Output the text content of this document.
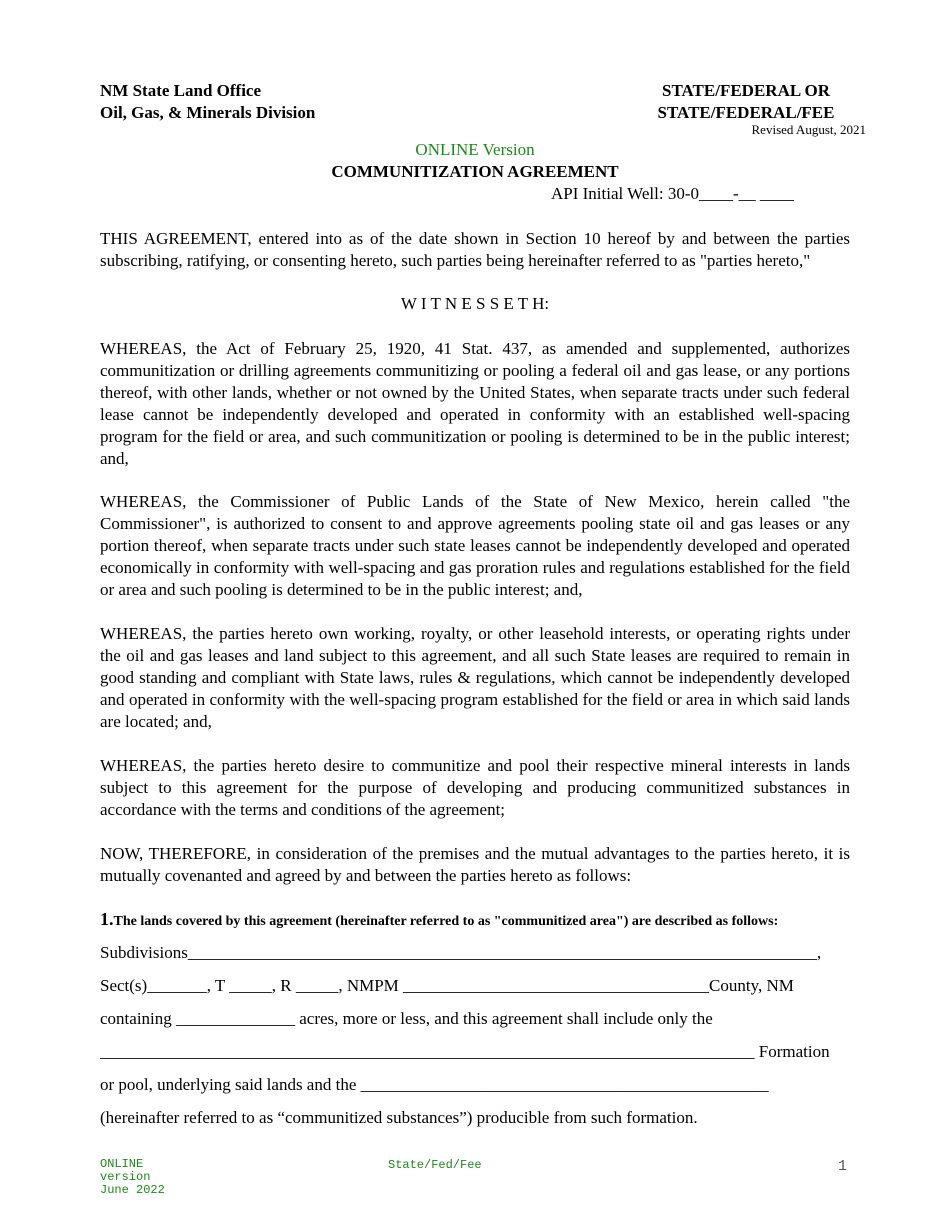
NM State Land Office
Oil, Gas, & Minerals Division
STATE/FEDERAL OR
STATE/FEDERAL/FEE
Revised August, 2021
ONLINE Version
COMMUNITIZATION AGREEMENT
API Initial Well: 30-0____-__ ____
THIS AGREEMENT, entered into as of the date shown in Section 10 hereof by and between the parties subscribing, ratifying, or consenting hereto, such parties being hereinafter referred to as "parties hereto,"
W I T N E S S E T H:
WHEREAS, the Act of February 25, 1920, 41 Stat. 437, as amended and supplemented, authorizes communitization or drilling agreements communitizing or pooling a federal oil and gas lease, or any portions thereof, with other lands, whether or not owned by the United States, when separate tracts under such federal lease cannot be independently developed and operated in conformity with an established well-spacing program for the field or area, and such communitization or pooling is determined to be in the public interest; and,
WHEREAS, the Commissioner of Public Lands of the State of New Mexico, herein called "the Commissioner", is authorized to consent to and approve agreements pooling state oil and gas leases or any portion thereof, when separate tracts under such state leases cannot be independently developed and operated economically in conformity with well-spacing and gas proration rules and regulations established for the field or area and such pooling is determined to be in the public interest; and,
WHEREAS, the parties hereto own working, royalty, or other leasehold interests, or operating rights under the oil and gas leases and land subject to this agreement, and all such State leases are required to remain in good standing and compliant with State laws, rules & regulations, which cannot be independently developed and operated in conformity with the well-spacing program established for the field or area in which said lands are located; and,
WHEREAS, the parties hereto desire to communitize and pool their respective mineral interests in lands subject to this agreement for the purpose of developing and producing communitized substances in accordance with the terms and conditions of the agreement;
NOW, THEREFORE, in consideration of the premises and the mutual advantages to the parties hereto, it is mutually covenanted and agreed by and between the parties hereto as follows:
1.The lands covered by this agreement (hereinafter referred to as "communitized area") are described as follows:
Subdivisions__________________________________________________________________________,
Sect(s)_______, T _____, R _____, NMPM ____________________________________County, NM
containing ______________ acres, more or less, and this agreement shall include only the
_____________________________________________________________________________ Formation
or pool, underlying said lands and the ________________________________________________
(hereinafter referred to as “communitized substances”) producible from such formation.
ONLINE
version
June 2022
State/Fed/Fee	1
